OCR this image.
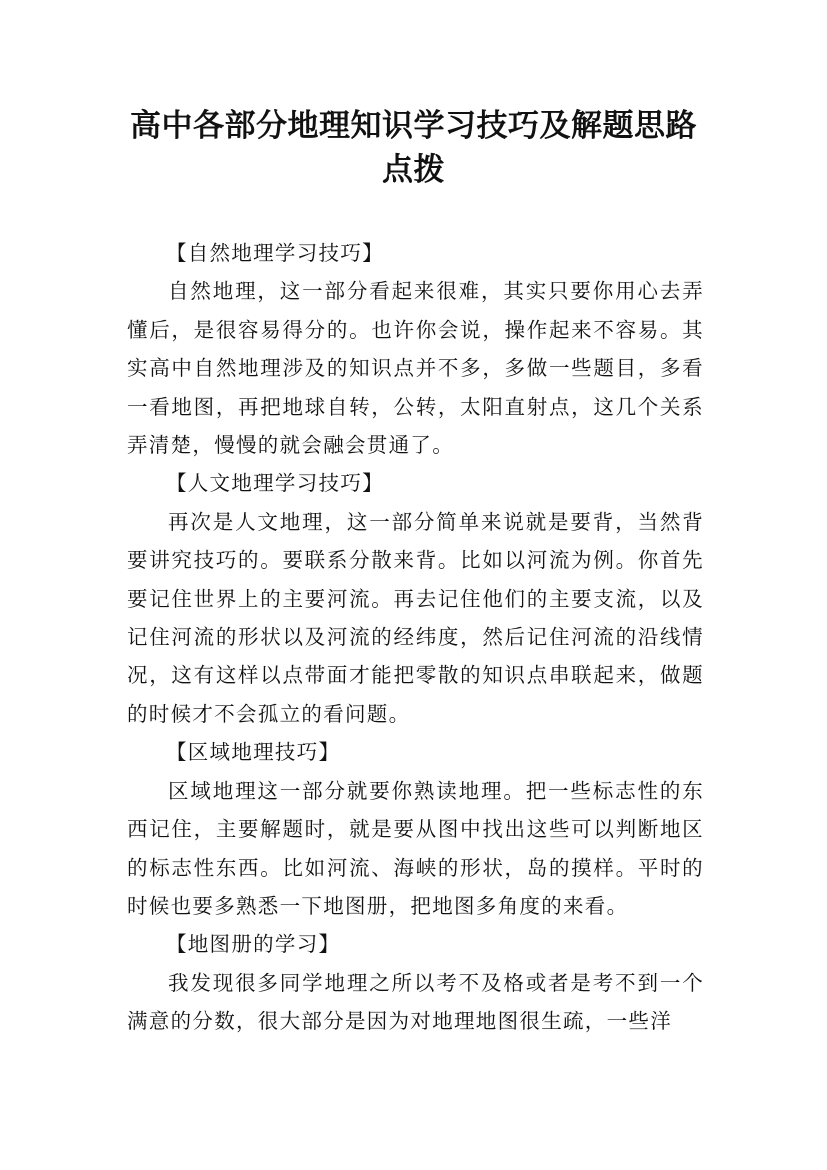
高中各部分地理知识学习技巧及解题思路
点拨

【自然地理学习技巧】

自然地理，这一部分看起来很难，其实只要你用心去弄懂后，是很容易得分的。也许你会说，操作起来不容易。其实高中自然地理涉及的知识点并不多，多做一些题目，多看一看地图，再把地球自转，公转，太阳直射点，这几个关系弄清楚，慢慢的就会融会贯通了。

【人文地理学习技巧】

再次是人文地理，这一部分简单来说就是要背，当然背要讲究技巧的。要联系分散来背。比如以河流为例。你首先要记住世界上的主要河流。再去记住他们的主要支流，以及记住河流的形状以及河流的经纬度，然后记住河流的沿线情况，这有这样以点带面才能把零散的知识点串联起来，做题的时候才不会孤立的看问题。

【区域地理技巧】

区域地理这一部分就要你熟读地理。把一些标志性的东西记住，主要解题时，就是要从图中找出这些可以判断地区的标志性东西。比如河流、海峡的形状，岛的摸样。平时的时候也要多熟悉一下地图册，把地图多角度的来看。

【地图册的学习】

我发现很多同学地理之所以考不及格或者是考不到一个满意的分数，很大部分是因为对地理地图很生疏，一些洋
